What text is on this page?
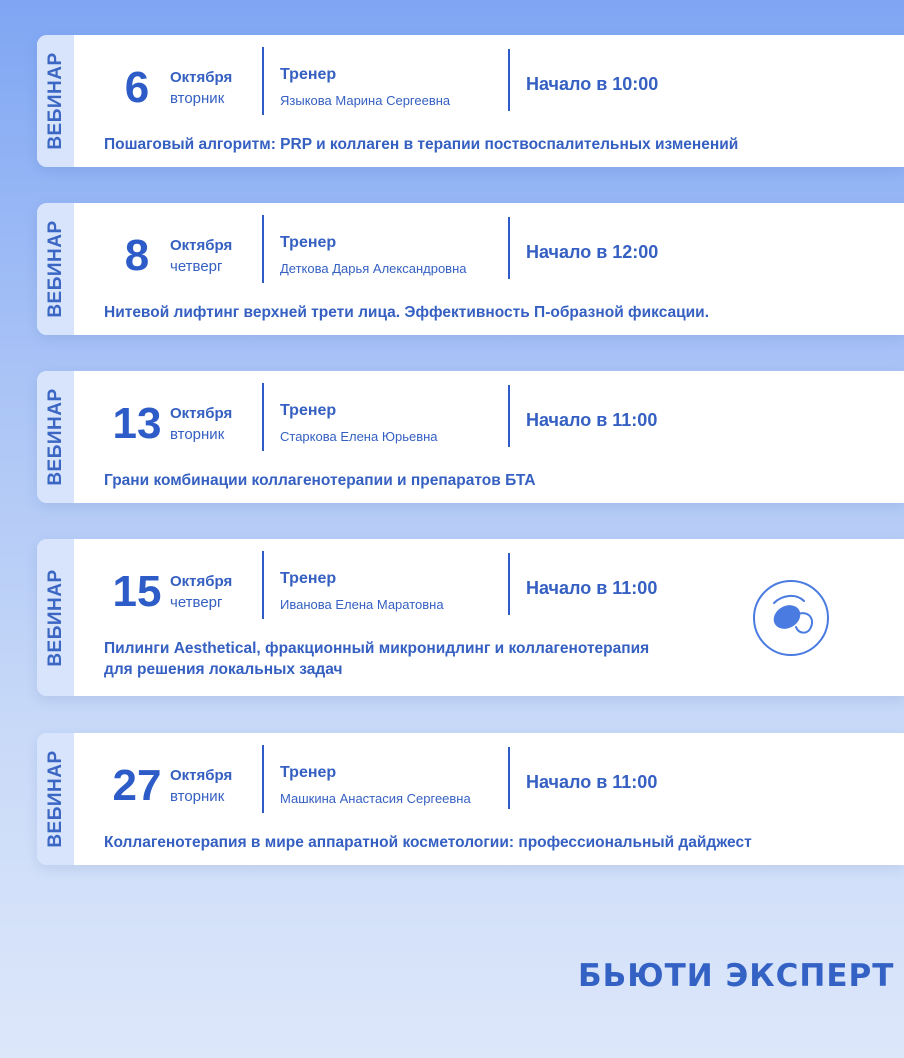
ВЕБИНАР	6	Октября
вторник
Тренер
Языкова Марина Сергеевна
Начало в 10:00
Пошаговый алгоритм: PRP и коллаген в терапии поствоспалительных изменений
ВЕБИНАР	8	Октября
четверг
Тренер
Деткова Дарья Александровна
Начало в 12:00
Нитевой лифтинг верхней трети лица. Эффективность П-образной фиксации.
ВЕБИНАР 13 Октября
вторник
Тренер
Старкова Елена Юрьевна
Начало в 11:00
Грани комбинации коллагенотерапии и препаратов БТА
ВЕБИНАР 15 Октября
четверг
Тренер
Иванова Елена Маратовна
Начало в 11:00
Пилинги Aesthetical, фракционный микронидлинг и коллагенотерапия
для решения локальных задач
ВЕБИНАР 27 Октября
вторник
Тренер
Машкина Анастасия Сергеевна
Начало в 11:00
Коллагенотерапия в мире аппаратной косметологии: профессиональный дайджест
БЬЮТИ ЭКСПЕРТ
